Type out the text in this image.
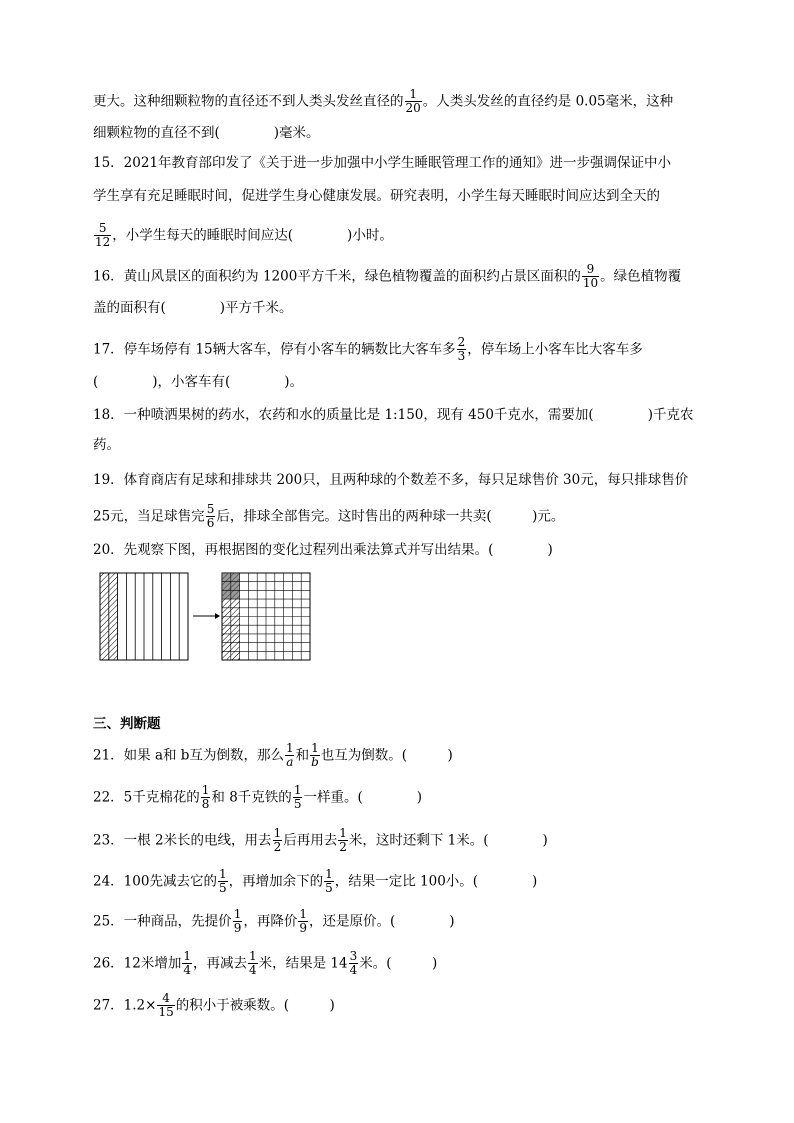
更大。这种细颗粒物的直径还不到人类头发丝直径的 $\frac{1}{20}$ 。人类头发丝的直径约是 0.05毫米，这种
细颗粒物的直径不到(　　　　)毫米。
15．2021年教育部印发了《关于进一步加强中小学生睡眠管理工作的通知》进一步强调保证中小
学生享有充足睡眠时间，促进学生身心健康发展。研究表明，小学生每天睡眠时间应达到全天的
$\frac{5}{12}$ ，小学生每天的睡眠时间应达(　　　　)小时。
16．黄山风景区的面积约为 1200平方千米，绿色植物覆盖的面积约占景区面积的 $\frac{9}{10}$ 。绿色植物覆
盖的面积有(　　　　)平方千米。
17．停车场停有 15辆大客车，停有小客车的辆数比大客车多 $\frac{2}{3}$ ，停车场上小客车比大客车多
(　　　　)，小客车有(　　　　)。
18．一种喷洒果树的药水，农药和水的质量比是 1:150，现有 450千克水，需要加(　　　　)千克农
药。
19．体育商店有足球和排球共 200只，且两种球的个数差不多，每只足球售价 30元，每只排球售价
25元，当足球售完 $\frac{5}{6}$ 后，排球全部售完。这时售出的两种球一共卖(　　　)元。
20．先观察下图，再根据图的变化过程列出乘法算式并写出结果。(　　　　)
三、判断题
21．如果 a和 b互为倒数，那么 $\frac{1}{a}$ 和 $\frac{1}{b}$ 也互为倒数。(　　　)
22．5千克棉花的 $\frac{1}{8}$ 和 8千克铁的 $\frac{1}{5}$ 一样重。(　　　　)
23．一根 2米长的电线，用去 $\frac{1}{2}$ 后再用去 $\frac{1}{2}$ 米，这时还剩下 1米。(　　　　)
24．100先减去它的 $\frac{1}{5}$ ，再增加余下的 $\frac{1}{5}$ ，结果一定比 100小。(　　　　)
25．一种商品，先提价 $\frac{1}{9}$ ，再降价 $\frac{1}{9}$ ，还是原价。(　　　　)
26．12米增加 $\frac{1}{4}$ ，再减去 $\frac{1}{4}$ 米，结果是 $14 \frac{3}{4}$ 米。(　　　)
27．$1.2\times \frac{4}{15}$ 的积小于被乘数。(　　　)
